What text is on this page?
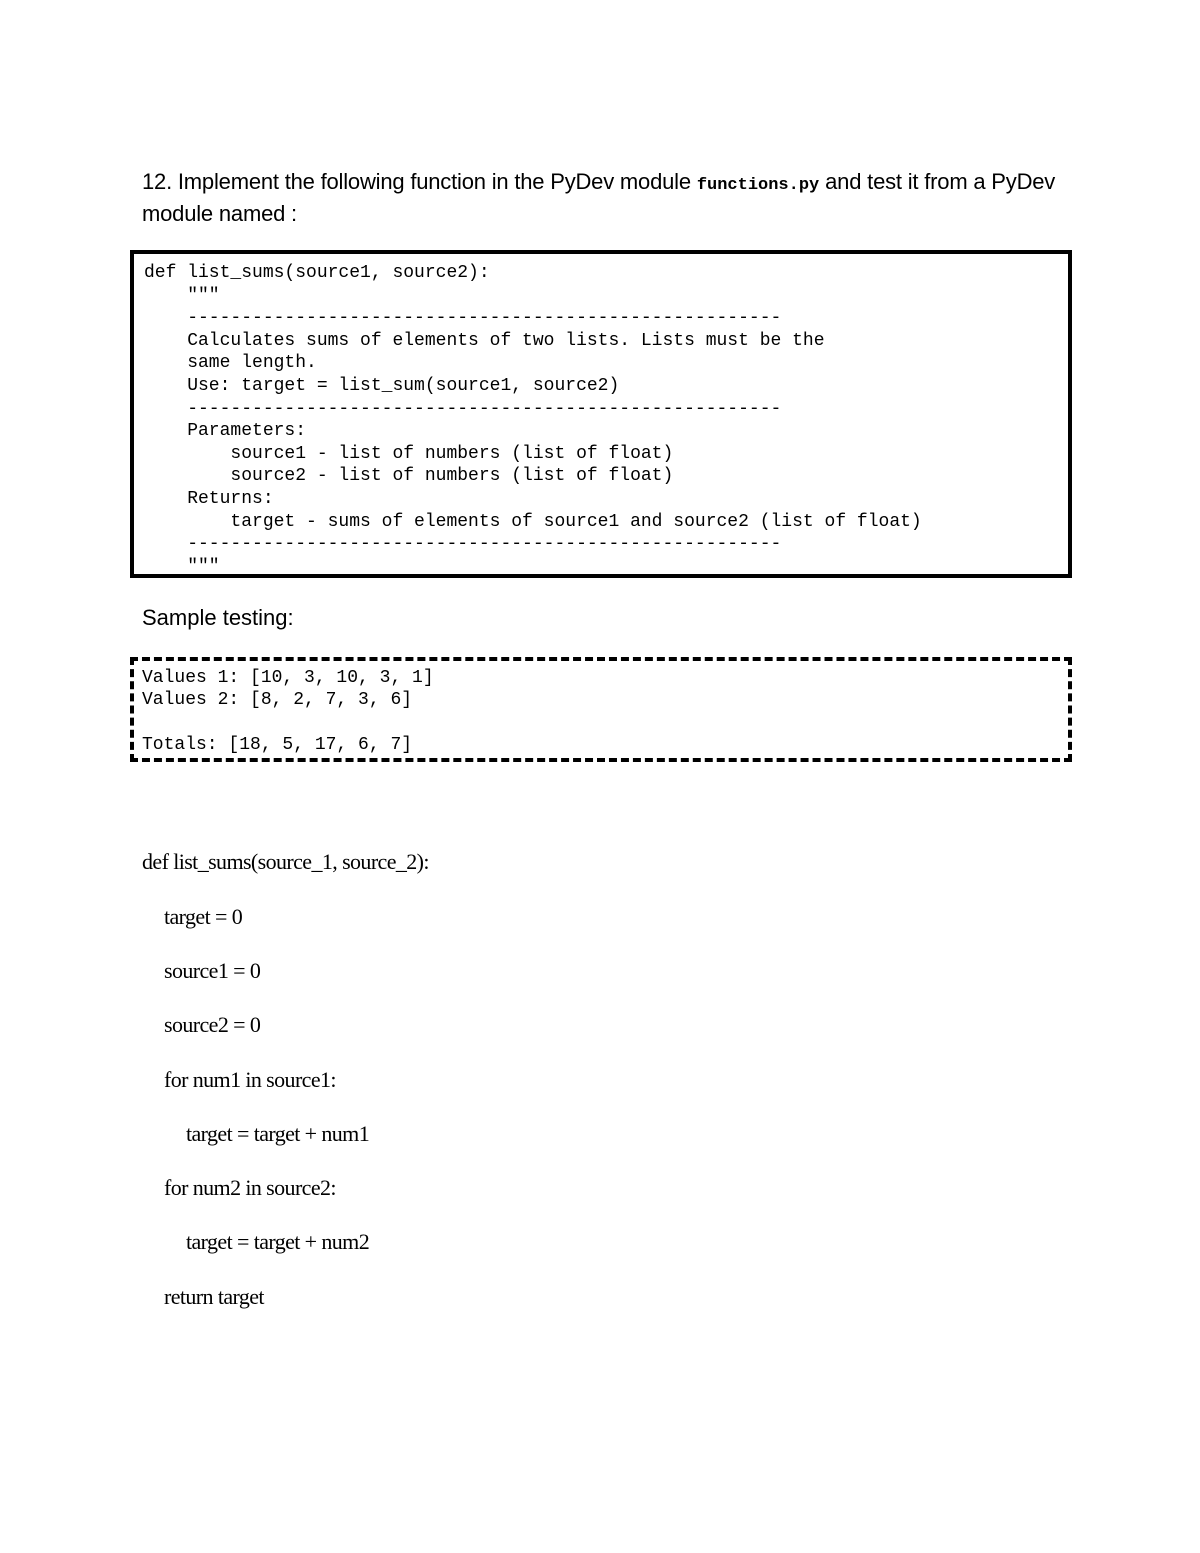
12. Implement the following function in the PyDev module functions.py and test it from a PyDev module named :
def list_sums(source1, source2):
"""
-------------------------------------------------------
Calculates sums of elements of two lists. Lists must be the
same length.
Use: target = list_sum(source1, source2)
-------------------------------------------------------
Parameters:
source1 - list of numbers (list of float)
source2 - list of numbers (list of float)
Returns:
target - sums of elements of source1 and source2 (list of float)
-------------------------------------------------------
"""
Sample testing:
Values 1: [10, 3, 10, 3, 1]
Values 2: [8, 2, 7, 3, 6]

Totals: [18, 5, 17, 6, 7]
def list_sums(source_1, source_2):
target = 0
source1 = 0
source2 = 0
for num1 in source1:
target = target + num1
for num2 in source2:
target = target + num2
return target
